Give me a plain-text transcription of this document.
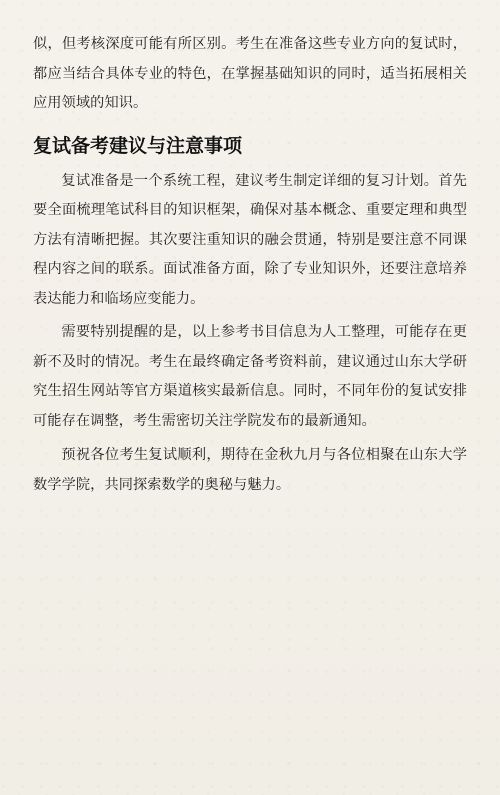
似，但考核深度可能有所区别。考生在准备这些专业方向的复试时，都应当结合具体专业的特色，在掌握基础知识的同时，适当拓展相关应用领域的知识。

复试备考建议与注意事项

复试准备是一个系统工程，建议考生制定详细的复习计划。首先要全面梳理笔试科目的知识框架，确保对基本概念、重要定理和典型方法有清晰把握。其次要注重知识的融会贯通，特别是要注意不同课程内容之间的联系。面试准备方面，除了专业知识外，还要注意培养表达能力和临场应变能力。

需要特别提醒的是，以上参考书目信息为人工整理，可能存在更新不及时的情况。考生在最终确定备考资料前，建议通过山东大学研究生招生网站等官方渠道核实最新信息。同时，不同年份的复试安排可能存在调整，考生需密切关注学院发布的最新通知。

预祝各位考生复试顺利，期待在金秋九月与各位相聚在山东大学数学学院，共同探索数学的奥秘与魅力。
